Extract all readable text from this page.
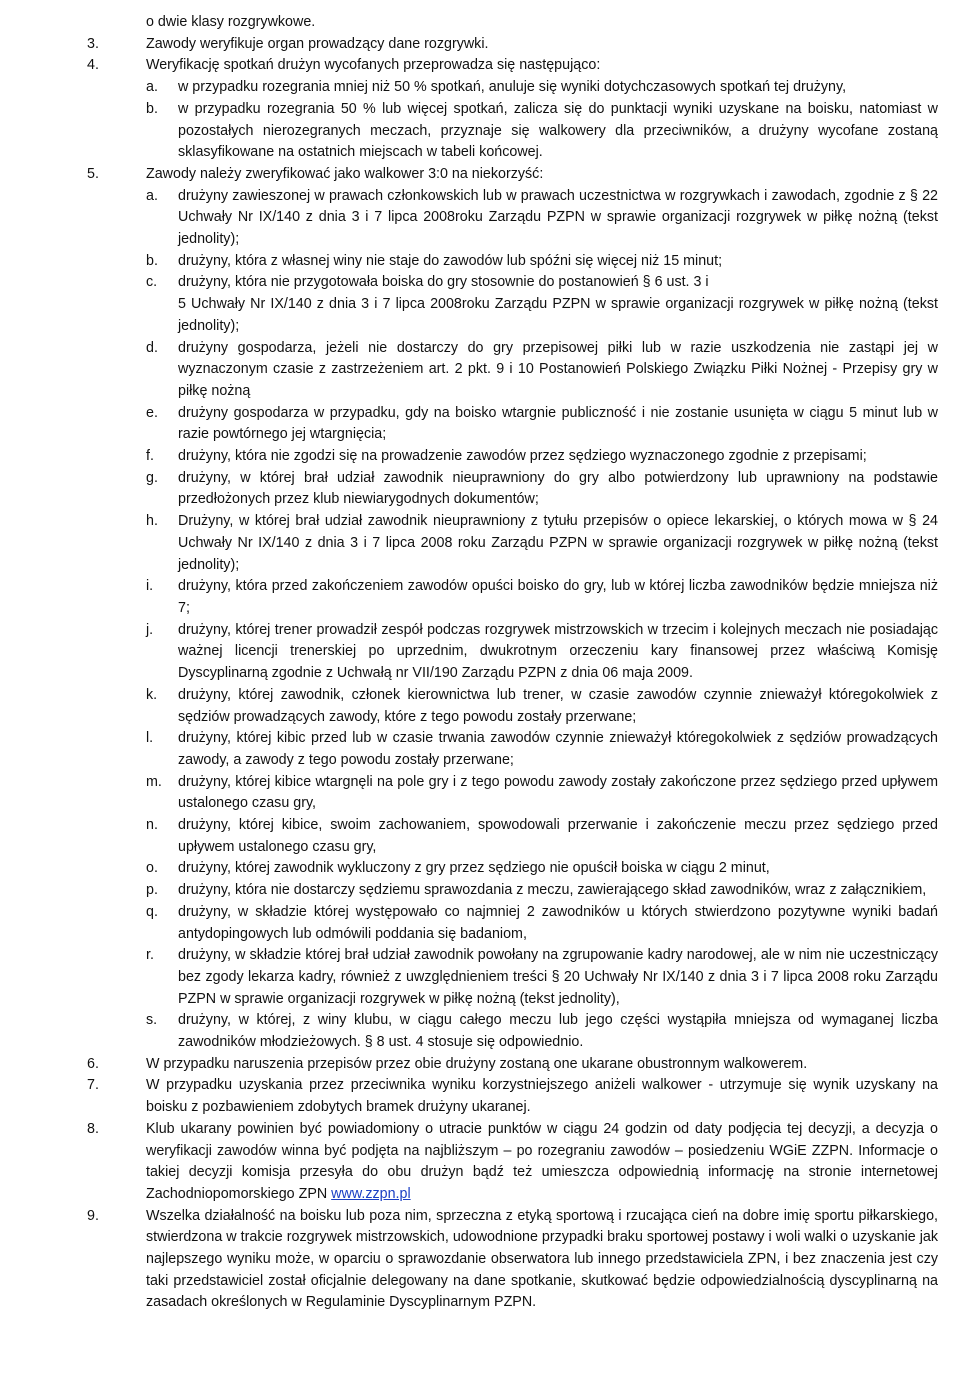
o dwie klasy rozgrywkowe.
3.	Zawody weryfikuje organ prowadzący dane rozgrywki.
4.	Weryfikację spotkań drużyn wycofanych przeprowadza się następująco:
a. w przypadku rozegrania mniej niż 50 % spotkań, anuluje się wyniki dotychczasowych spotkań tej drużyny,
b. w przypadku rozegrania 50 % lub więcej spotkań, zalicza się do punktacji wyniki uzyskane na boisku, natomiast w pozostałych nierozegranych meczach, przyznaje się walkowery dla przeciwników, a drużyny wycofane zostaną sklasyfikowane na ostatnich miejscach w tabeli końcowej.
5.	Zawody należy zweryfikować jako walkower 3:0 na niekorzyść:
a. drużyny zawieszonej w prawach członkowskich lub w prawach uczestnictwa w rozgrywkach i zawodach, zgodnie z § 22 Uchwały Nr IX/140 z dnia 3 i 7 lipca 2008roku Zarządu PZPN w sprawie organizacji rozgrywek w piłkę nożną (tekst jednolity);
b. drużyny, która z własnej winy nie staje do zawodów lub spóźni się więcej niż 15 minut;
c. drużyny, która nie przygotowała boiska do gry stosownie do postanowień § 6 ust. 3 i
5 Uchwały Nr IX/140 z dnia 3 i 7 lipca 2008roku Zarządu PZPN w sprawie organizacji rozgrywek w piłkę nożną (tekst jednolity);
d. drużyny gospodarza, jeżeli nie dostarczy do gry przepisowej piłki lub w razie uszkodzenia nie zastąpi jej w wyznaczonym czasie z zastrzeżeniem art. 2 pkt. 9 i 10 Postanowień Polskiego Związku Piłki Nożnej - Przepisy gry w piłkę nożną
e. drużyny gospodarza w przypadku, gdy na boisko wtargnie publiczność i nie zostanie usunięta w ciągu 5 minut lub w razie powtórnego jej wtargnięcia;
f. drużyny, która nie zgodzi się na prowadzenie zawodów przez sędziego wyznaczonego zgodnie z przepisami;
g. drużyny, w której brał udział zawodnik nieuprawniony do gry albo potwierdzony lub uprawniony na podstawie przedłożonych przez klub niewiarygodnych dokumentów;
h. Drużyny, w której brał udział zawodnik nieuprawniony z tytułu przepisów o opiece lekarskiej, o których mowa w § 24 Uchwały Nr IX/140 z dnia 3 i 7 lipca 2008 roku Zarządu PZPN w sprawie organizacji rozgrywek w piłkę nożną (tekst jednolity);
i. drużyny, która przed zakończeniem zawodów opuści boisko do gry, lub w której liczba zawodników będzie mniejsza niż 7;
j. drużyny, której trener prowadził zespół podczas rozgrywek mistrzowskich w trzecim i kolejnych meczach nie posiadając ważnej licencji trenerskiej po uprzednim, dwukrotnym orzeczeniu kary finansowej przez właściwą Komisję Dyscyplinarną zgodnie z Uchwałą nr VII/190 Zarządu PZPN z dnia 06 maja 2009.
k. drużyny, której zawodnik, członek kierownictwa lub trener, w czasie zawodów czynnie znieważył któregokolwiek z sędziów prowadzących zawody, które z tego powodu zostały przerwane;
l. drużyny, której kibic przed lub w czasie trwania zawodów czynnie znieważył któregokolwiek z sędziów prowadzących zawody, a zawody z tego powodu zostały przerwane;
m. drużyny, której kibice wtargnęli na pole gry i z tego powodu zawody zostały zakończone przez sędziego przed upływem ustalonego czasu gry,
n. drużyny, której kibice, swoim zachowaniem, spowodowali przerwanie i zakończenie meczu przez sędziego przed upływem ustalonego czasu gry,
o. drużyny, której zawodnik wykluczony z gry przez sędziego nie opuścił boiska w ciągu 2 minut,
p. drużyny, która nie dostarczy sędziemu sprawozdania z meczu, zawierającego skład zawodników, wraz z załącznikiem,
q. drużyny, w składzie której występowało co najmniej 2 zawodników u których stwierdzono pozytywne wyniki badań antydopingowych lub odmówili poddania się badaniom,
r. drużyny, w składzie której brał udział zawodnik powołany na zgrupowanie kadry narodowej, ale w nim nie uczestniczący bez zgody lekarza kadry, również z uwzględnieniem treści § 20 Uchwały Nr IX/140 z dnia 3 i 7 lipca 2008 roku Zarządu PZPN w sprawie organizacji rozgrywek w piłkę nożną (tekst jednolity),
s. drużyny, w której, z winy klubu, w ciągu całego meczu lub jego części wystąpiła mniejsza od wymaganej liczba zawodników młodzieżowych. § 8 ust. 4 stosuje się odpowiednio.
6.	W przypadku naruszenia przepisów przez obie drużyny zostaną one ukarane obustronnym walkowerem.
7.	W przypadku uzyskania przez przeciwnika wyniku korzystniejszego aniżeli walkower - utrzymuje się wynik uzyskany na boisku z pozbawieniem zdobytych bramek drużyny ukaranej.
8.	Klub ukarany powinien być powiadomiony o utracie punktów w ciągu 24 godzin od daty podjęcia tej decyzji, a decyzja o weryfikacji zawodów winna być podjęta na najbliższym – po rozegraniu zawodów – posiedzeniu WGiE ZZPN. Informacje o takiej decyzji komisja przesyła do obu drużyn bądź też umieszcza odpowiednią informację na stronie internetowej Zachodniopomorskiego ZPN www.zzpn.pl
9.	Wszelka działalność na boisku lub poza nim, sprzeczna z etyką sportową i rzucająca cień na dobre imię sportu piłkarskiego, stwierdzona w trakcie rozgrywek mistrzowskich, udowodnione przypadki braku sportowej postawy i woli walki o uzyskanie jak najlepszego wyniku może, w oparciu o sprawozdanie obserwatora lub innego przedstawiciela ZPN, i bez znaczenia jest czy taki przedstawiciel został oficjalnie delegowany na dane spotkanie, skutkować będzie odpowiedzialnością dyscyplinarną na zasadach określonych w Regulaminie Dyscyplinarnym PZPN.
